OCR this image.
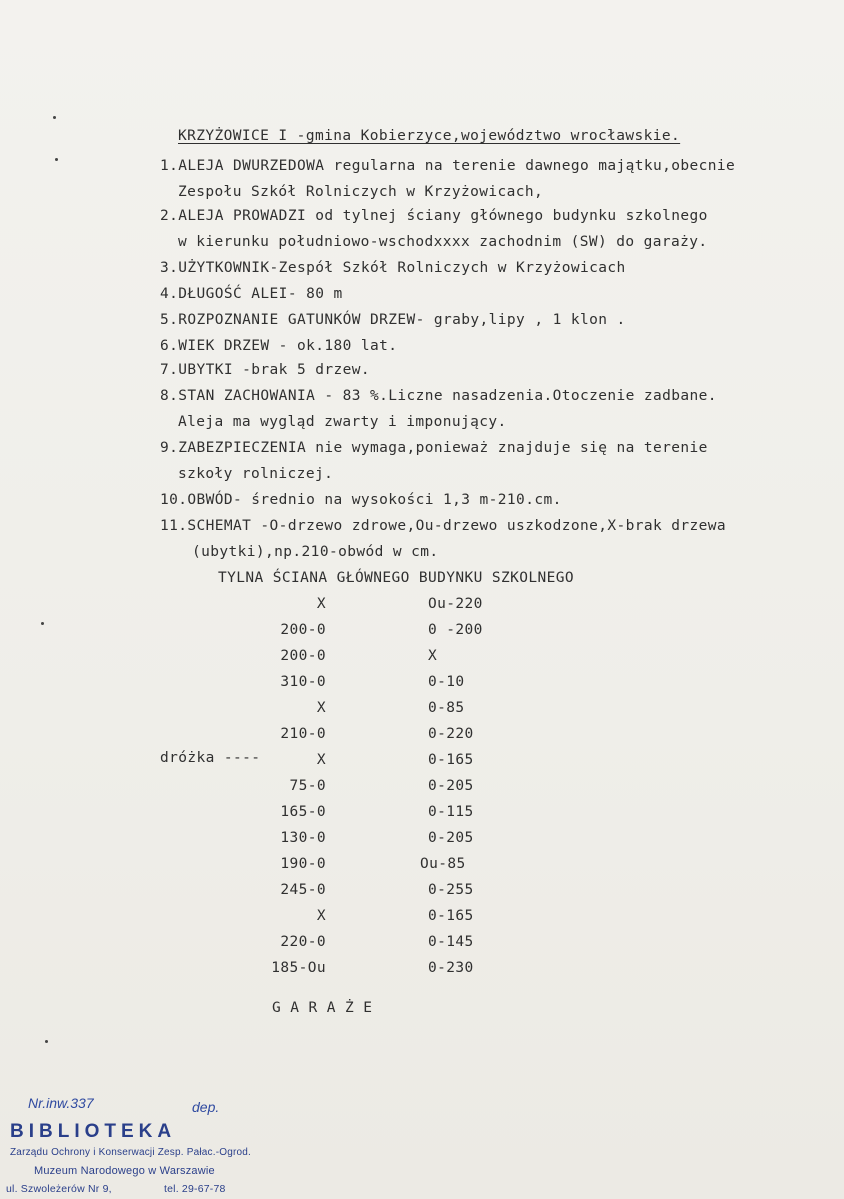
KRZYŻOWICE I -gmina Kobierzyce,województwo wrocławskie.
1.ALEJA DWURZEDOWA regularna na terenie dawnego majątku,obecnie
Zespołu Szkół Rolniczych w Krzyżowicach,
2.ALEJA PROWADZI od tylnej ściany głównego budynku szkolnego
w kierunku południowo-wschodxxxx zachodnim (SW) do garaży.
3.UŻYTKOWNIK-Zespół Szkół Rolniczych w Krzyżowicach
4.DŁUGOŚĆ ALEI- 80 m
5.ROZPOZNANIE GATUNKÓW DRZEW- graby,lipy , 1 klon .
6.WIEK DRZEW - ok.180 lat.
7.UBYTKI -brak 5 drzew.
8.STAN ZACHOWANIA - 83 %.Liczne nasadzenia.Otoczenie zadbane.
Aleja ma wygląd zwarty i imponujący.
9.ZABEZPIECZENIA nie wymaga,ponieważ znajduje się na terenie
szkoły rolniczej.
10.OBWÓD- średnio na wysokości 1,3 m-210.cm.
11.SCHEMAT -O-drzewo zdrowe,Ou-drzewo uszkodzone,X-brak drzewa
(ubytki),np.210-obwód w cm.
TYLNA ŚCIANA GŁÓWNEGO BUDYNKU SZKOLNEGO
dróżka ----
X	Ou-220
200-0	0 -200
200-0	X
310-0	0-10
X	0-85
210-0	0-220
X	0-165
75-0	0-205
165-0	0-115
130-0	0-205
190-0	Ou-85
245-0	0-255
X	0-165
220-0	0-145
185-Ou	0-230
G A R A Ż E
Nr.inw.337	dep.
BIBLIOTEKA
Zarządu Ochrony i Konserwacji Zesp. Pałac.-Ogrod.
Muzeum Narodowego w Warszawie
ul. Szwoleżerów Nr 9,	tel. 29-67-78
